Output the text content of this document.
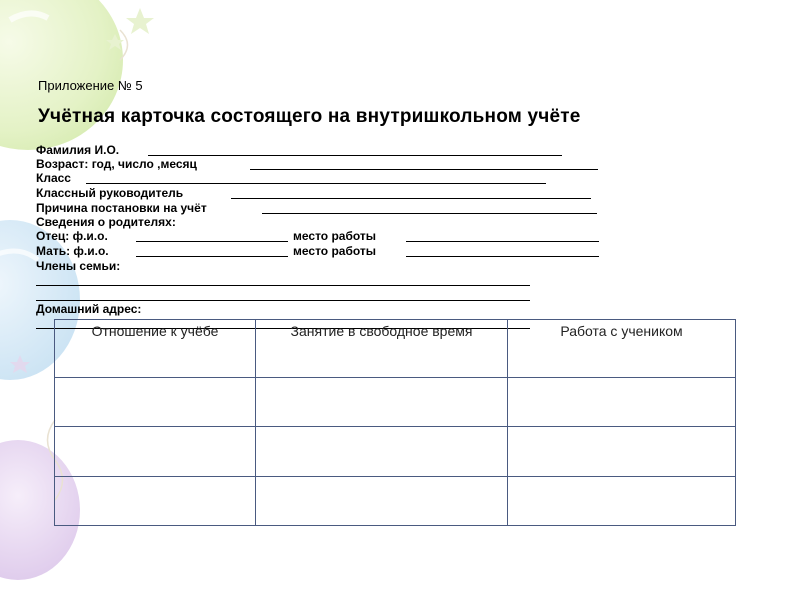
Приложение № 5
Учётная карточка состоящего на внутришкольном учёте
Фамилия И.О.
Возраст: год, число ,месяц
Класс
Классный руководитель
Причина постановки на учёт
Сведения о родителях:
Отец: ф.и.о.	место работы
Мать: ф.и.о.	место работы
Члены семьи:
Домашний адрес:
Отношение к учёбе	Занятие в свободное время	Работа с учеником
